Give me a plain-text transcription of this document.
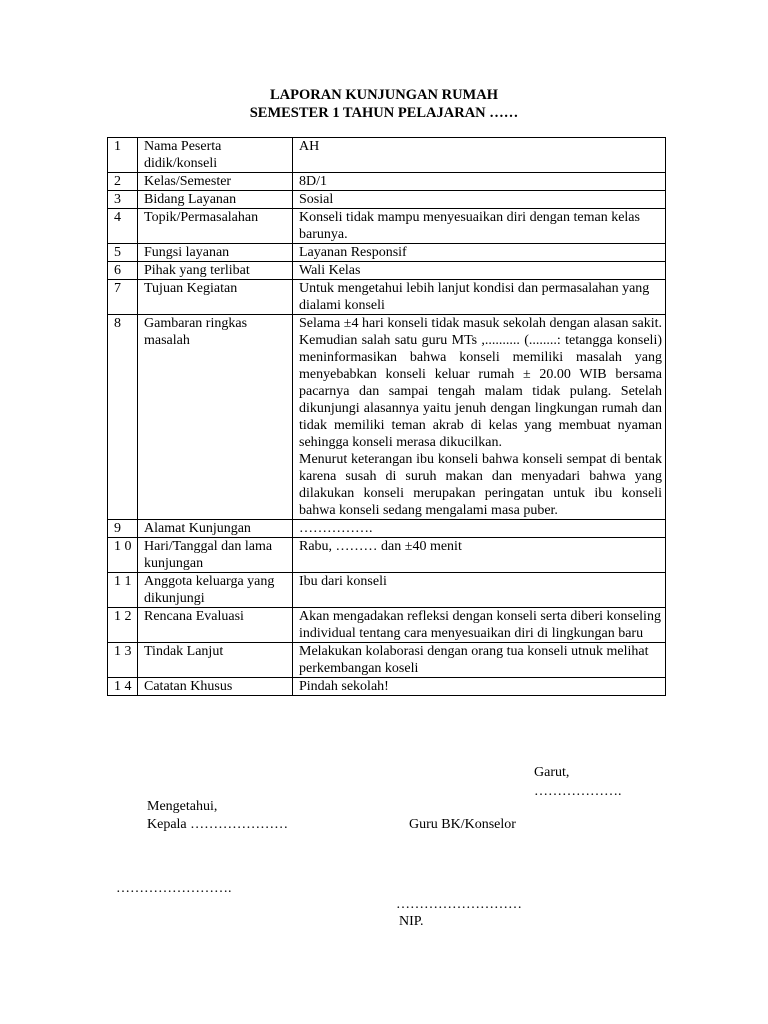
LAPORAN KUNJUNGAN RUMAH
SEMESTER 1 TAHUN PELAJARAN ……
1	Nama Peserta didik/konseli	AH
2	Kelas/Semester	8D/1
3	Bidang Layanan	Sosial
4	Topik/Permasalahan	Konseli tidak mampu menyesuaikan diri dengan teman kelas barunya.
5	Fungsi layanan	Layanan Responsif
6	Pihak yang terlibat	Wali Kelas
7	Tujuan Kegiatan	Untuk mengetahui lebih lanjut kondisi dan permasalahan yang dialami konseli
8	Gambaran ringkas masalah	Selama ±4 hari konseli tidak masuk sekolah dengan alasan sakit. Kemudian salah satu guru MTs ,.......... (........: tetangga konseli) meninformasikan bahwa konseli memiliki masalah yang menyebabkan konseli keluar rumah ± 20.00 WIB bersama pacarnya dan sampai tengah malam tidak pulang. Setelah dikunjungi alasannya yaitu jenuh dengan lingkungan rumah dan tidak memiliki teman akrab di kelas yang membuat nyaman sehingga konseli merasa dikucilkan.
Menurut keterangan ibu konseli bahwa konseli sempat di bentak karena susah di suruh makan dan menyadari bahwa yang dilakukan konseli merupakan peringatan untuk ibu konseli bahwa konseli sedang mengalami masa puber.

9	Alamat Kunjungan	…………….
1 0	Hari/Tanggal dan lama kunjungan	Rabu, ……… dan ±40 menit
1 1	Anggota keluarga yang dikunjungi	Ibu dari konseli
1 2	Rencana Evaluasi	Akan mengadakan refleksi dengan konseli serta diberi konseling individual tentang cara menyesuaikan diri di lingkungan baru
1 3	Tindak Lanjut	Melakukan kolaborasi dengan orang tua konseli utnuk melihat perkembangan koseli
1 4	Catatan Khusus	Pindah sekolah!
Garut,
……………….
Mengetahui,
Kepala …………………	Guru BK/Konselor
…………………….
………………………
NIP.
